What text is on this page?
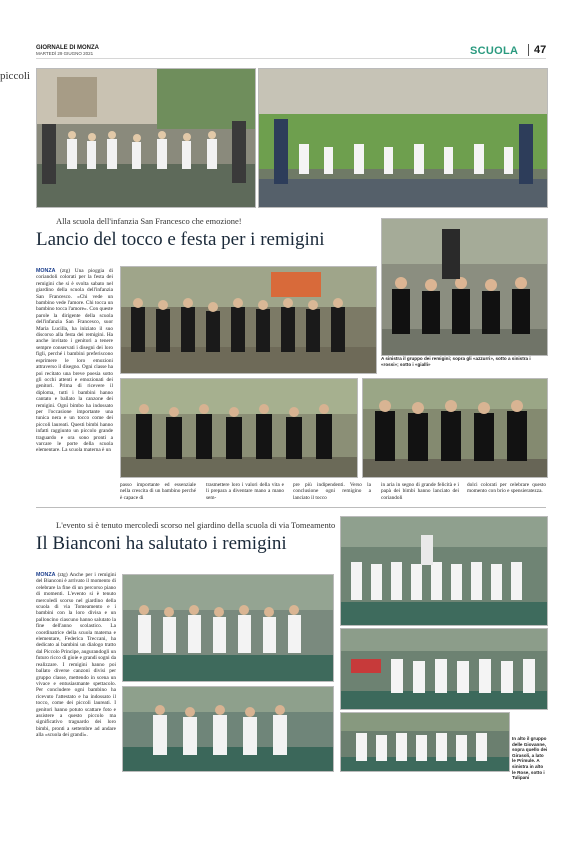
GIORNALE DI MONZA
MARTEDÌ 29 GIUGNO 2021	SCUOLA	47
piccoli
Alla scuola dell'infanzia San Francesco che emozione!
Lancio del tocco e festa per i remigini
MONZA (ztg) Una pioggia di coriandoli colorati per la festa dei remigini che si è svolta sabato nel giardino della scuola dell'infanzia San Francesco. «Chi vede un bambino vede l'amore. Chi tocca un bambino tocca l'amore». Con queste parole la dirigente della scuola dell'infanzia San Francesco, suor Maria Lucilla, ha iniziato il suo discorso alla festa dei remigini. Ha anche invitato i genitori a tenere sempre conservati i disegni dei loro figli, perché i bambini preferiscono esprimere le loro emozioni attraverso il disegno. Ogni classe ha poi recitato una breve poesia sotto gli occhi attenti e emozionati dei genitori. Prima di ricevere il diploma, tutti i bambini hanno cantato e ballato la canzone dei remigini. Ogni bimbo ha indossato per l'occasione importante una tunica nera e un tocco come dei piccoli laureati. Questi bimbi hanno infatti raggiunto un piccolo grande traguardo e ora sono pronti a varcare le porte della scuola elementare. La scuola materna è un
A sinistra il gruppo dei remigini; sopra gli «azzurri», sotto a sinistra i «rossi»; sotto i «gialli»
passo importante ed essenziale nella crescita di un bambino perché è capace di
trasmettere loro i valori della vita e li prepara a diventare mano a mano sem-
pre più indipendenti. Verso la conclusione ogni remigino a lanciato il tocco
in aria in segno di grande felicità e i papà dei bimbi hanno lanciato dei coriandoli
dolci colorati per celebrare questo momento con brio e spensieratezza.
L'evento si è tenuto mercoledì scorso nel giardino della scuola di via Tomeamento
Il Bianconi ha salutato i remigini
MONZA (ztg) Anche per i remigini del Bianconi è arrivato il momento di celebrare la fine di un percorso piano di momenti. L'evento si è tenuto mercoledì scorso nel giardino della scuola di via Tomeamento e i bambini con la loro divisa e un palloncino ciascuno hanno salutato la fine dell'anno scolastico. La coordinatrice della scuola materna e elementare, Federica Treccani, ha dedicato ai bambini un dialogo tratto dal Piccolo Principe, augurandogli un futuro ricco di gioie e grandi sogni da realizzare. I remigini hanno poi ballato diverse canzoni divisi per gruppo classe, mettendo in scena un vivace e entusiasmante spettacolo. Per concludere ogni bambino ha ricevuto l'attestato e ha indossato il tocco, come dei piccoli laureati. I genitori hanno potuto scattare foto e assistere a questo piccolo ma significativo traguardo dei loro bimbi, pronti a settembre ad andare alla «scuola dei grandi».
In alto il gruppo delle Giovanne, sopra quello dei Girasoli, a lato le Primule. A sinistra in alto le Rose, sotto i Tulipani
